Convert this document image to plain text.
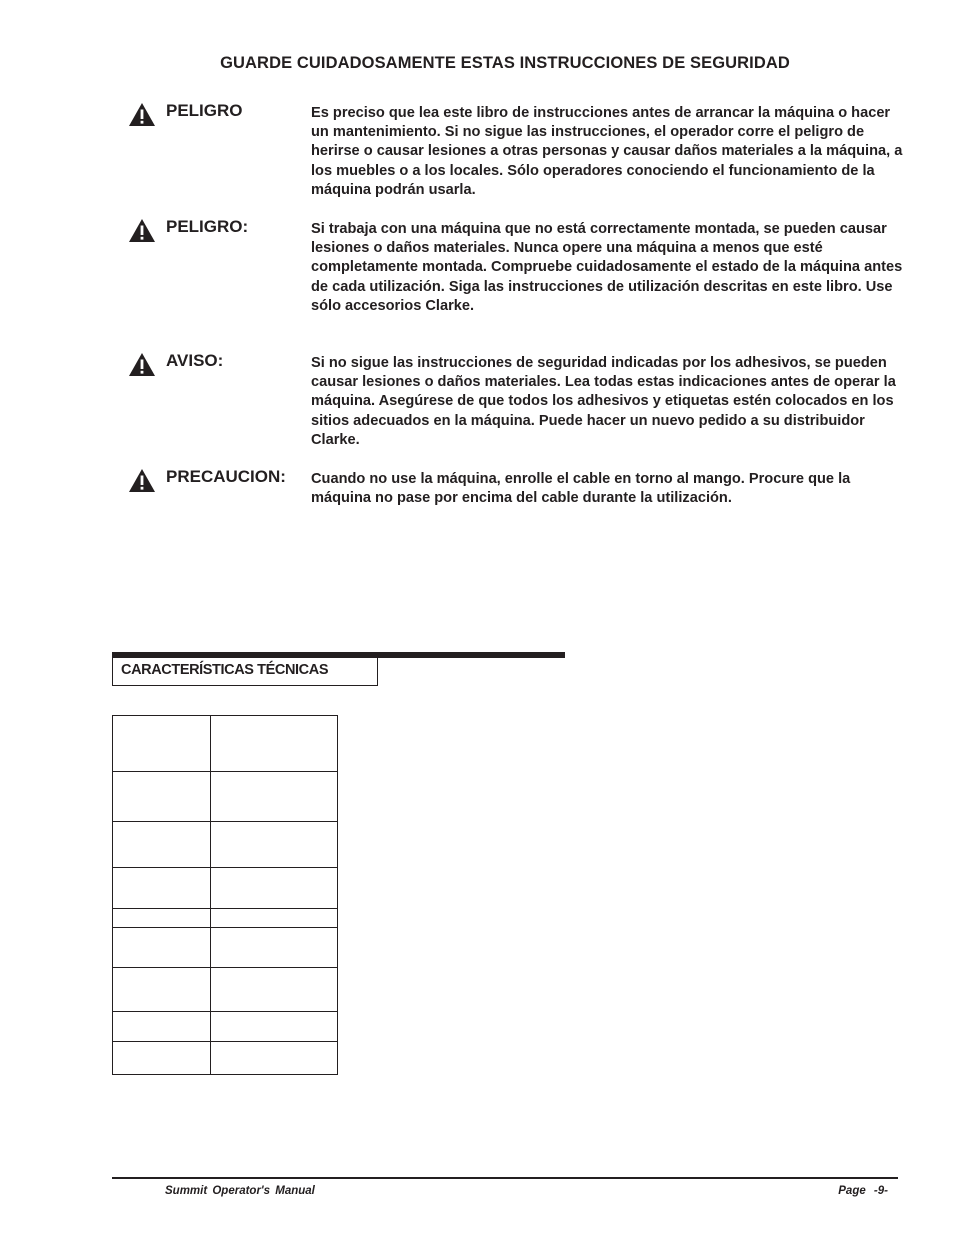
GUARDE CUIDADOSAMENTE ESTAS INSTRUCCIONES DE SEGURIDAD
PELIGRO	Es preciso que lea este libro de instrucciones antes de arrancar la máquina o hacer un mantenimiento. Si no sigue las instrucciones, el operador corre el peligro de herirse o causar lesiones a otras personas y causar daños materiales a la máquina, a los muebles o a los locales. Sólo operadores conociendo el funcionamiento de la máquina podrán usarla.
PELIGRO:	Si trabaja con una máquina que no está correctamente montada, se pueden causar lesiones o daños materiales. Nunca opere una máquina a menos que esté completamente montada. Compruebe cuidadosamente el estado de la máquina antes de cada utilización. Siga las instrucciones de utilización descritas en este libro. Use sólo accesorios Clarke.
AVISO:	Si no sigue las instrucciones de seguridad indicadas por los adhesivos, se pueden causar lesiones o daños materiales. Lea todas estas indicaciones antes de operar la máquina. Asegúrese de que todos los adhesivos y etiquetas estén colocados en los sitios adecuados en la máquina. Puede hacer un nuevo pedido a su distribuidor Clarke.
PRECAUCION: Cuando no use la máquina, enrolle el cable en torno al mango. Procure que la máquina no pase por encima del cable durante la utilización.
CARACTERÍSTICAS TÉCNICAS

Summit Operator's Manual	Page -9-
